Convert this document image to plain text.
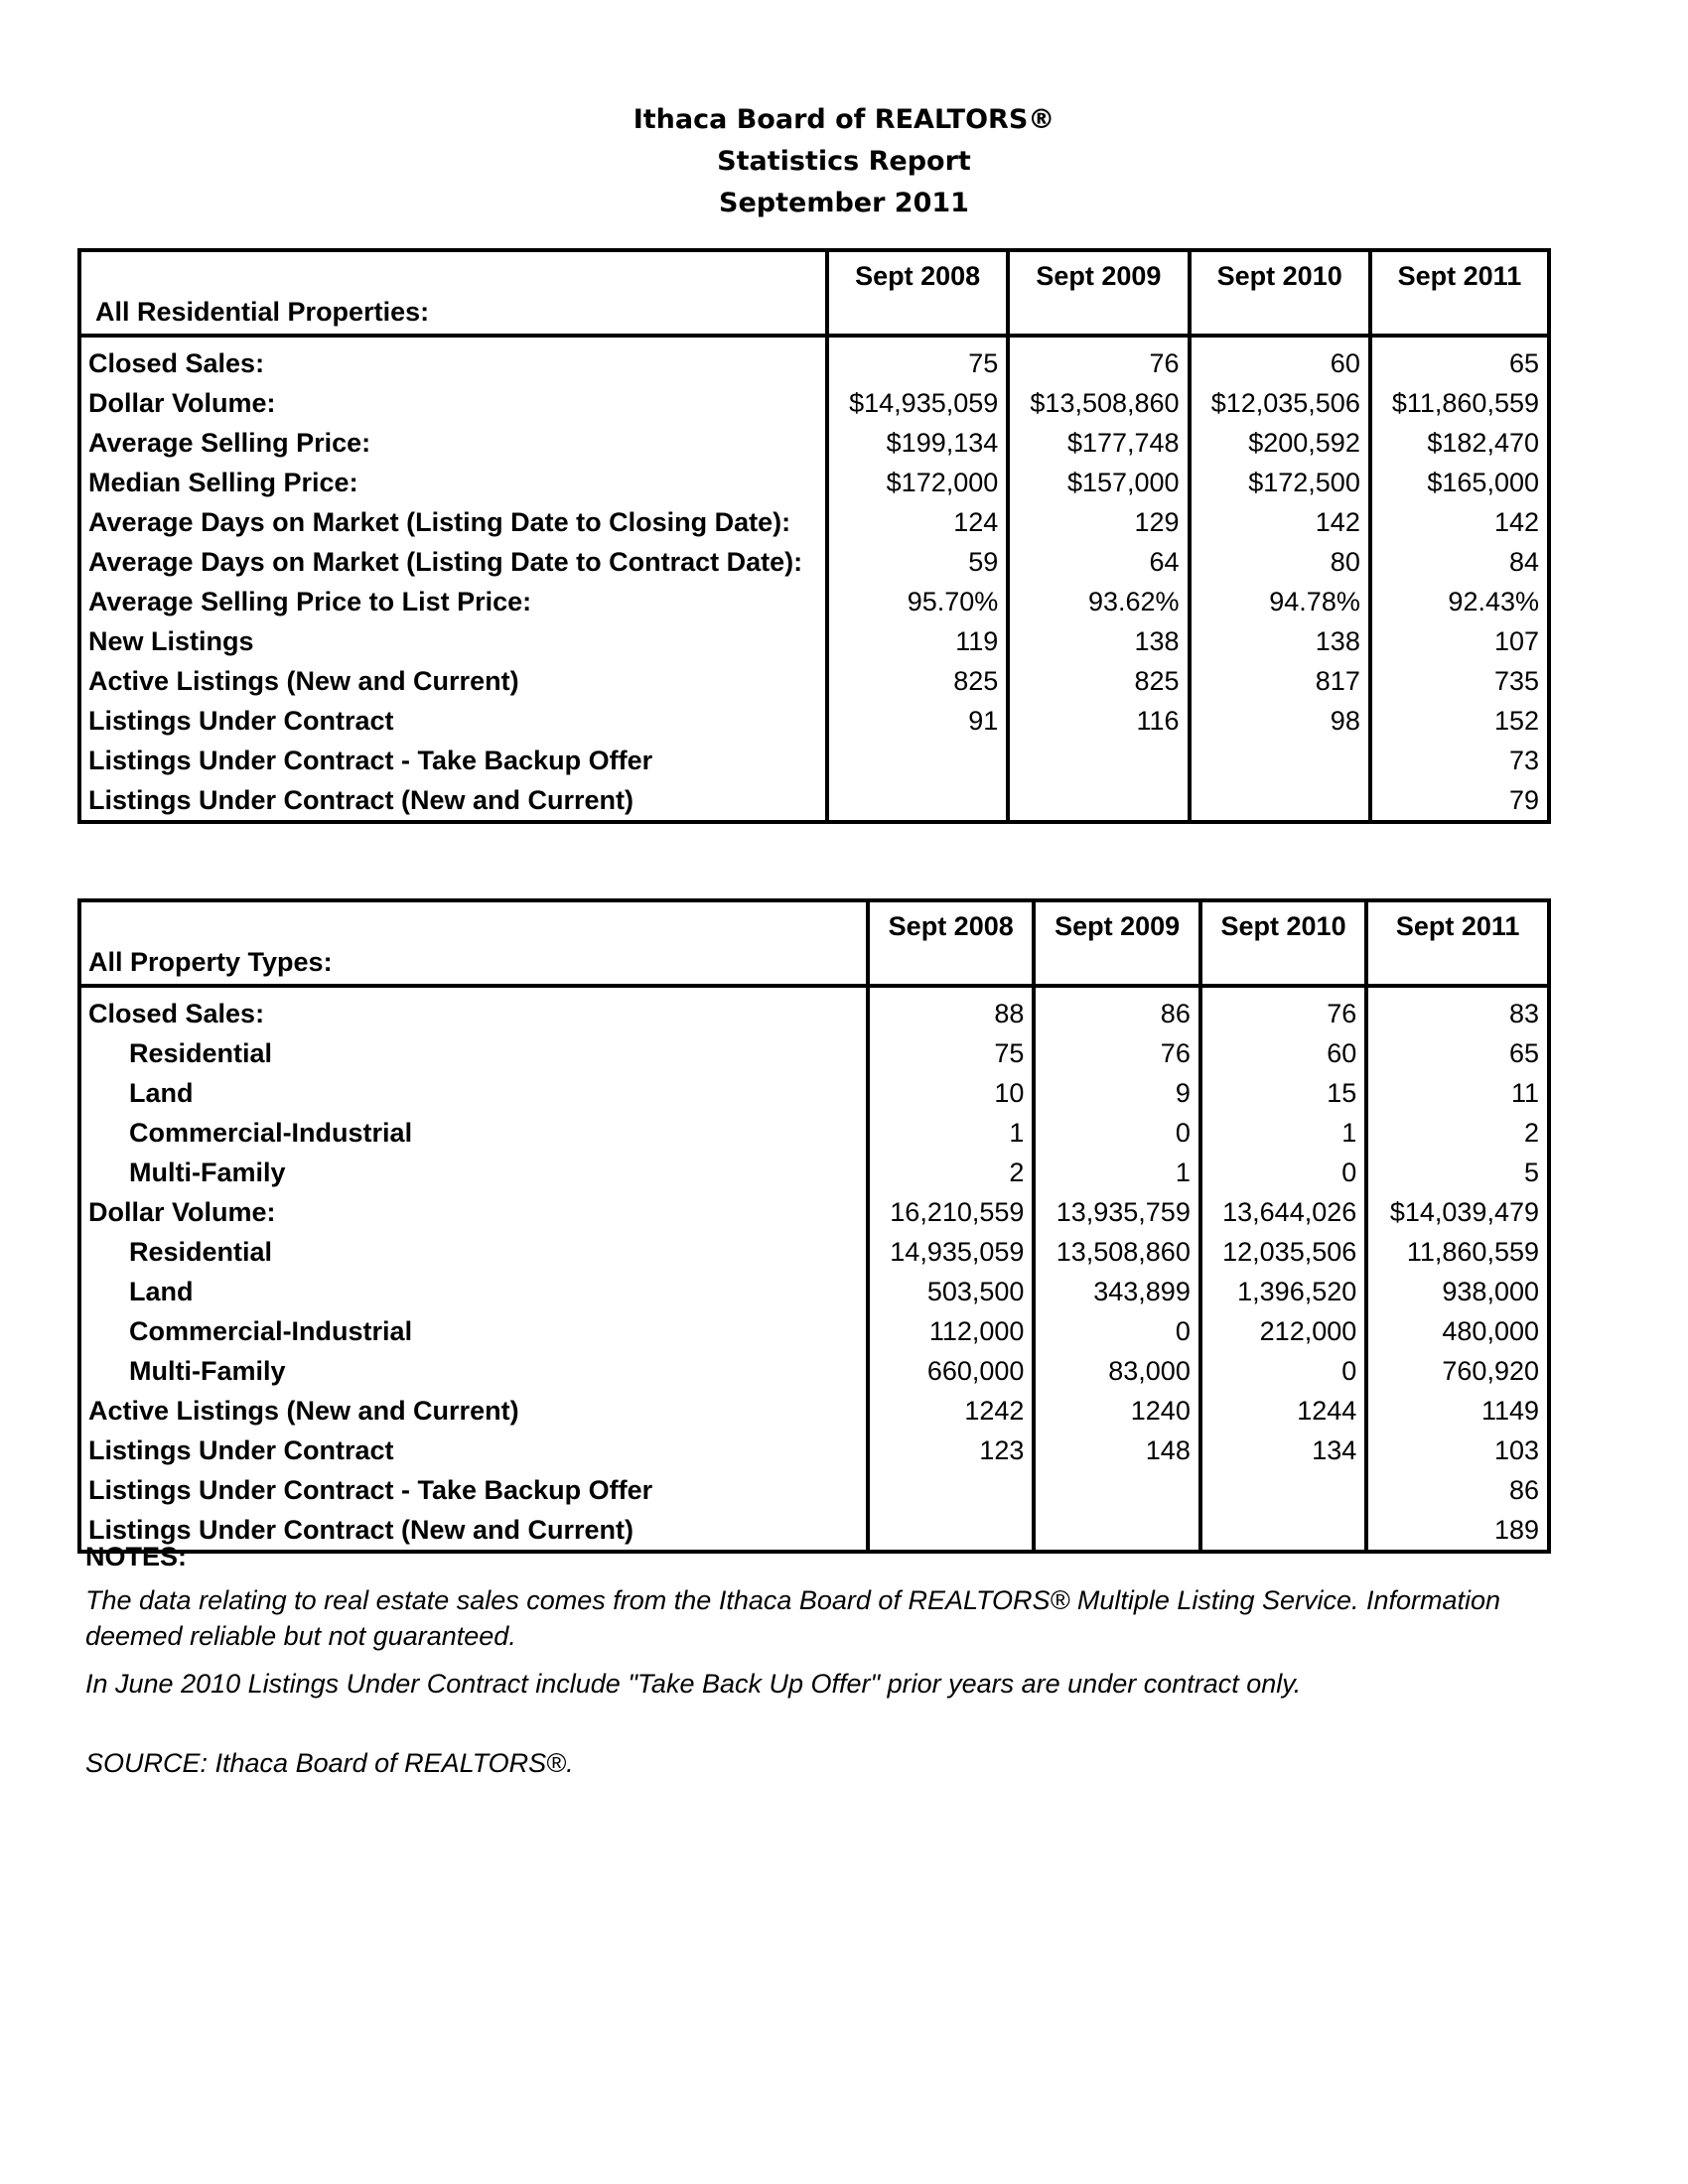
Ithaca Board of REALTORS®
Statistics Report
September 2011
All Residential Properties:	Sept 2008	Sept 2009	Sept 2010	Sept 2011

Closed Sales:	75	76	60	65
Dollar Volume:	$14,935,059	$13,508,860	$12,035,506	$11,860,559
Average Selling Price:	$199,134	$177,748	$200,592	$182,470
Median Selling Price:	$172,000	$157,000	$172,500	$165,000
Average Days on Market (Listing Date to Closing Date):	124	129	142	142
Average Days on Market (Listing Date to Contract Date):	59	64	80	84
Average Selling Price to List Price:	95.70%	93.62%	94.78%	92.43%
New Listings	119	138	138	107
Active Listings (New and Current)	825	825	817	735
Listings Under Contract	91	116	98	152
Listings Under Contract - Take Backup Offer				73
Listings Under Contract (New and Current)				79
All Property Types:	Sept 2008	Sept 2009	Sept 2010	Sept 2011

Closed Sales:	88	86	76	83
Residential	75	76	60	65
Land	10	9	15	11
Commercial-Industrial	1	0	1	2
Multi-Family	2	1	0	5
Dollar Volume:	16,210,559	13,935,759	13,644,026	$14,039,479
Residential	14,935,059	13,508,860	12,035,506	11,860,559
Land	503,500	343,899	1,396,520	938,000
Commercial-Industrial	112,000	0	212,000	480,000
Multi-Family	660,000	83,000	0	760,920
Active Listings (New and Current)	1242	1240	1244	1149
Listings Under Contract	123	148	134	103
Listings Under Contract - Take Backup Offer				86
Listings Under Contract (New and Current)				189
NOTES:
The data relating to real estate sales comes from the Ithaca Board of REALTORS® Multiple Listing Service. Information deemed reliable but not guaranteed.
In June 2010 Listings Under Contract include "Take Back Up Offer" prior years are under contract only.
SOURCE: Ithaca Board of REALTORS®.
